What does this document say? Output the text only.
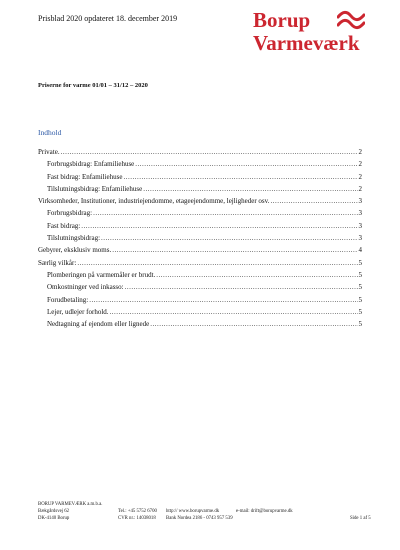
Prisblad 2020 opdateret 18. december 2019	Borup
Varmeværk
Priserne for varme 01/01 – 31/12 – 2020
Indhold
Private. .....	2
Forbrugsbidrag: Enfamiliehuse .....	2
Fast bidrag: Enfamiliehuse .....	2
Tilslutningsbidrag: Enfamiliehuse .....	2
Virksomheder, Institutioner, industriejendomme, etageejendomme, lejligheder osv. .....	3
Forbrugsbidrag: .....	3
Fast bidrag: .....	3
Tilslutningsbidrag: .....	3
Gebyrer, eksklusiv moms. .....	4
Særlig vilkår: .....	5
Plomberingen på varmemåler er brudt. .....	5
Omkostninger ved inkasso: .....	5
Forudbetaling: .....	5
Lejer, udlejer forhold. .....	5
Nedtagning af ejendom eller lignede .....	5
BORUP VARMEVÆRK a.m.b.a.
Bækgårdsvej 62	Tel.: +45 5752 6700 http:// www.borupvarme.dk	e-mail: drift@borupvarme.dk
DK-4140 Borup	CVR nr.: 14038018 Bank Nordea 2186 - 0743 957 539	Side 1 af 5
